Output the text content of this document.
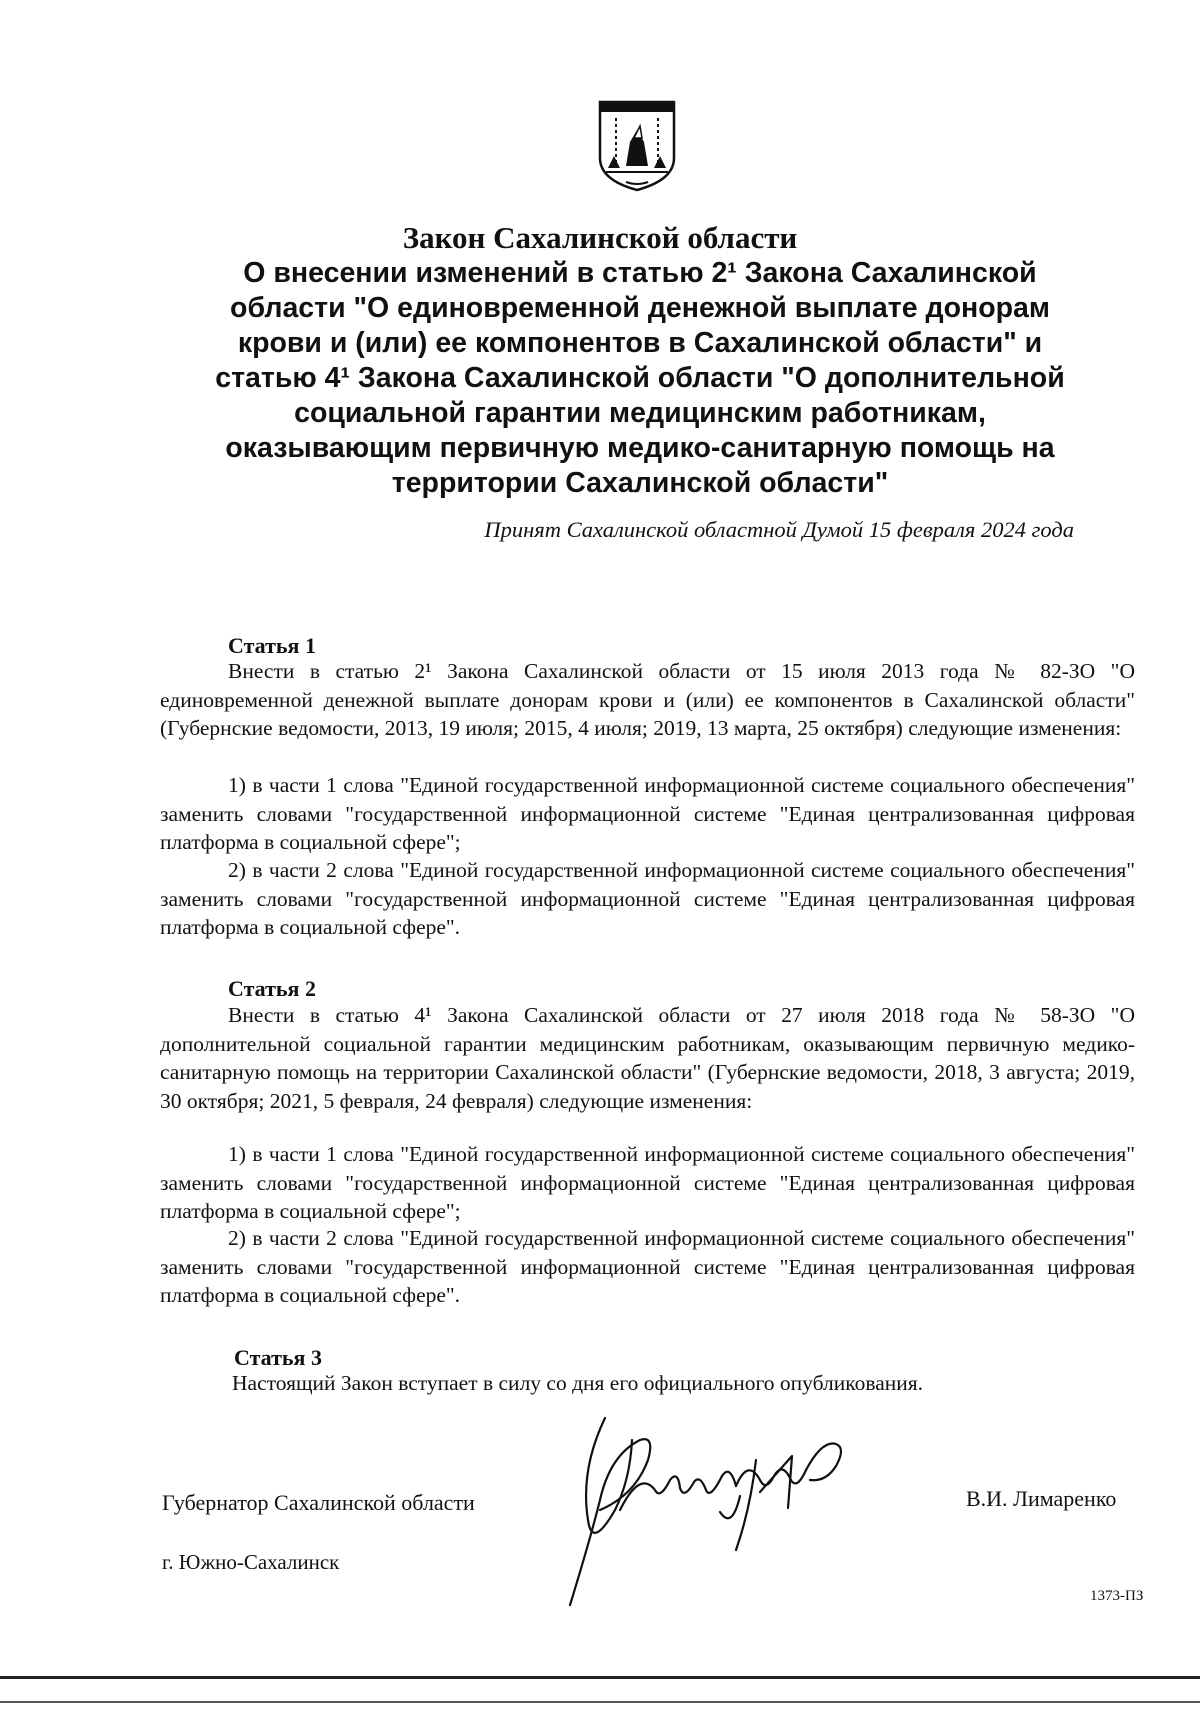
Закон Сахалинской области
О внесении изменений в статью 2¹ Закона Сахалинской
области "О единовременной денежной выплате донорам
крови и (или) ее компонентов в Сахалинской области" и
статью 4¹ Закона Сахалинской области "О дополнительной
социальной гарантии медицинским работникам,
оказывающим первичную медико-санитарную помощь на
территории Сахалинской области"
Принят Сахалинской областной Думой 15 февраля 2024 года
Статья 1

Внести в статью 2¹ Закона Сахалинской области от 15 июля 2013 года № 82-ЗО "О единовременной денежной выплате донорам крови и (или) ее компонентов в Сахалинской области" (Губернские ведомости, 2013, 19 июля; 2015, 4 июля; 2019, 13 марта, 25 октября) следующие изменения:

1) в части 1 слова "Единой государственной информационной системе социального обеспечения" заменить словами "государственной информационной системе "Единая централизованная цифровая платформа в социальной сфере";

2) в части 2 слова "Единой государственной информационной системе социального обеспечения" заменить словами "государственной информационной системе "Единая централизованная цифровая платформа в социальной сфере".

Статья 2

Внести в статью 4¹ Закона Сахалинской области от 27 июля 2018 года № 58-ЗО "О дополнительной социальной гарантии медицинским работникам, оказывающим первичную медико-санитарную помощь на территории Сахалинской области" (Губернские ведомости, 2018, 3 августа; 2019, 30 октября; 2021, 5 февраля, 24 февраля) следующие изменения:

1) в части 1 слова "Единой государственной информационной системе социального обеспечения" заменить словами "государственной информационной системе "Единая централизованная цифровая платформа в социальной сфере";

2) в части 2 слова "Единой государственной информационной системе социального обеспечения" заменить словами "государственной информационной системе "Единая централизованная цифровая платформа в социальной сфере".

Статья 3
Настоящий Закон вступает в силу со дня его официального опубликования.
Губернатор Сахалинской области	В.И. Лимаренко
г. Южно-Сахалинск
1373-ПЗ
